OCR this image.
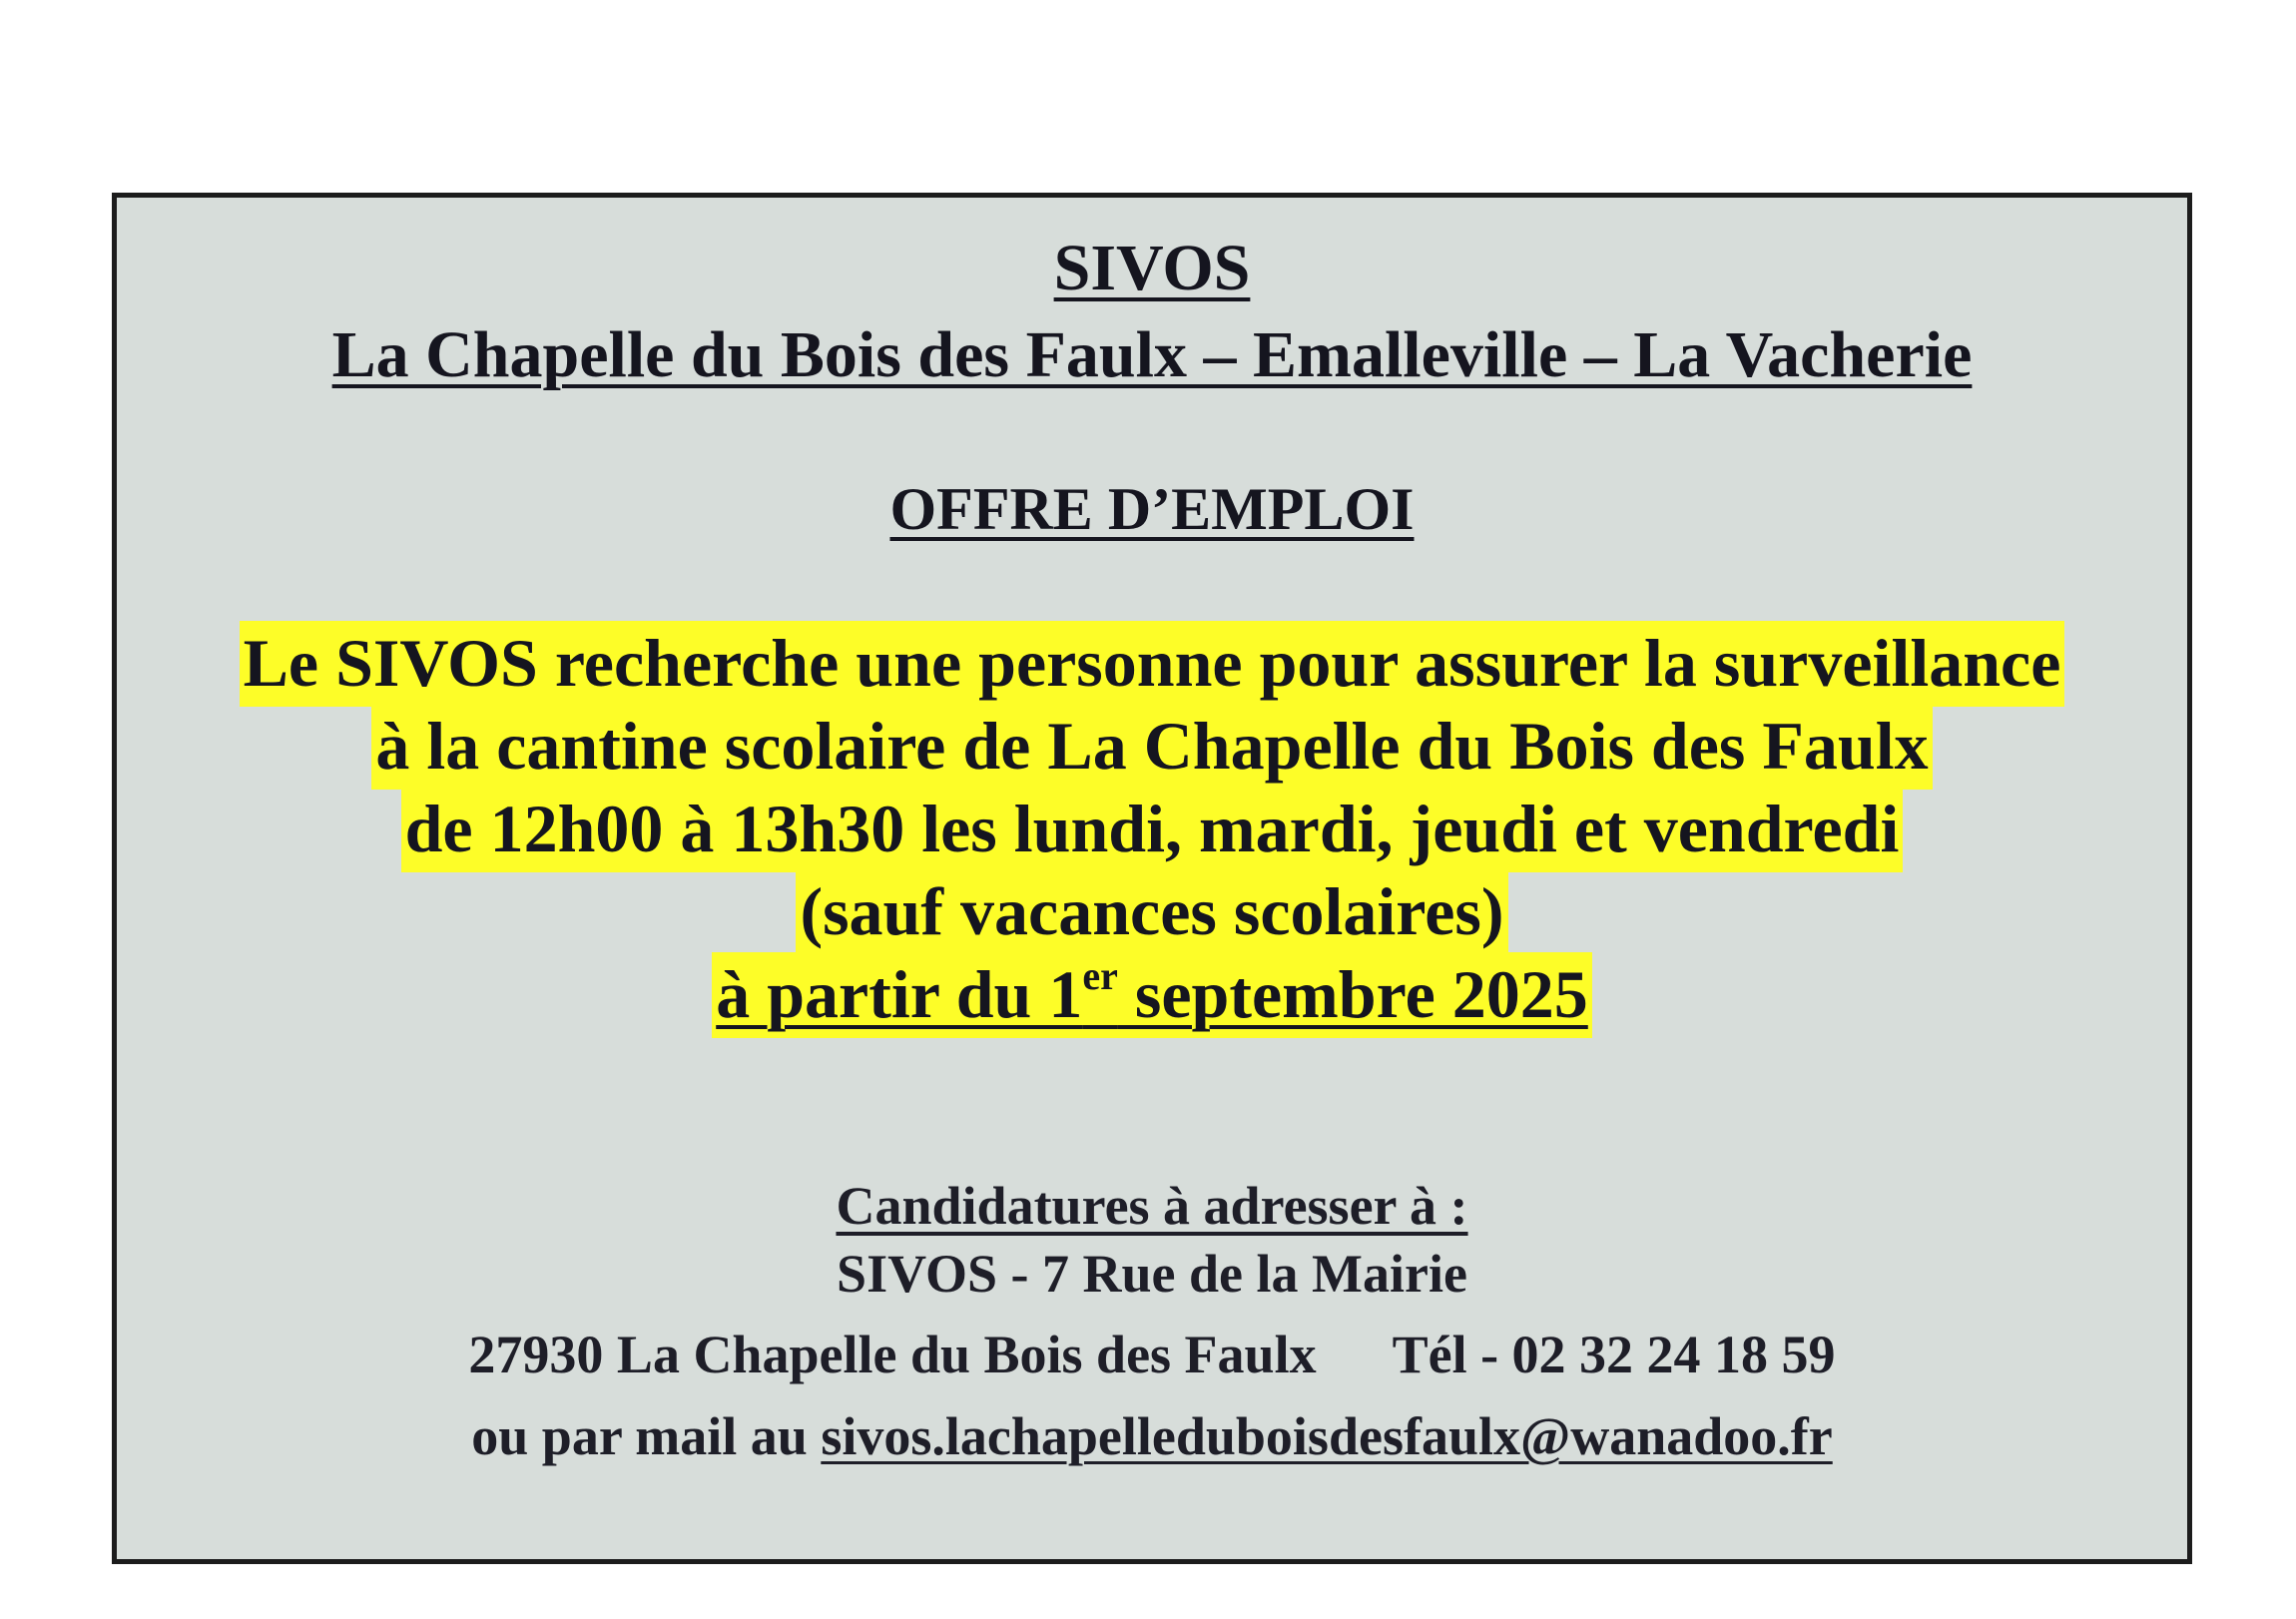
SIVOS
La Chapelle du Bois des Faulx – Emalleville – La Vacherie
OFFRE D’EMPLOI
Le SIVOS recherche une personne pour assurer la surveillance
à la cantine scolaire de La Chapelle du Bois des Faulx
de 12h00 à 13h30 les lundi, mardi, jeudi et vendredi
(sauf vacances scolaires)
à partir du 1er septembre 2025
Candidatures à adresser à :
SIVOS - 7 Rue de la Mairie
27930 La Chapelle du Bois des Faulx Tél - 02 32 24 18 59
ou par mail au sivos.lachapelleduboisdesfaulx@wanadoo.fr
